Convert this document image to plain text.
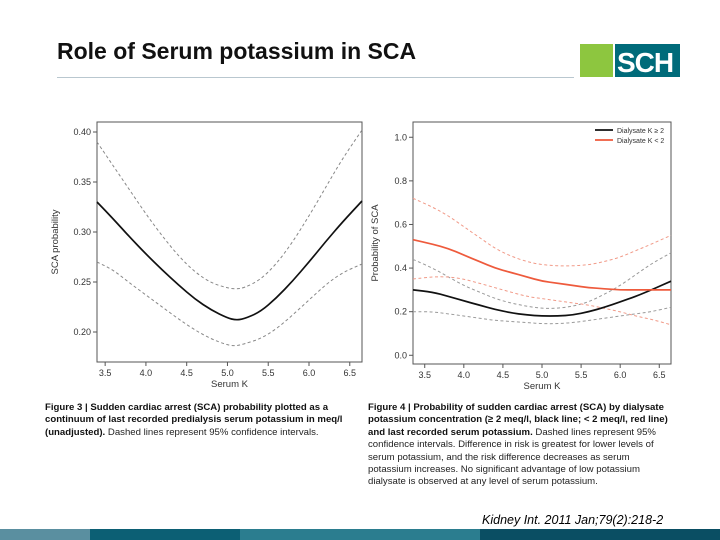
Role of Serum potassium in SCA	SCH
3.5	4.0	4.5	5.0	5.5	6.0	6.5
0.20
0.25
0.30
0.35
0.40
Serum K
SCA probability
Figure 3 | Sudden cardiac arrest (SCA) probability plotted as a continuum of last recorded predialysis serum potassium in meq/l (unadjusted). Dashed lines represent 95% confidence intervals.
3.5	4.0	4.5	5.0	5.5	6.0	6.5
0.0
0.2
0.4
0.6
0.8
1.0
Serum K
Probability of SCA
Dialysate K ≥ 2
Dialysate K < 2
Figure 4 | Probability of sudden cardiac arrest (SCA) by dialysate potassium concentration (≥ 2 meq/l, black line; < 2 meq/l, red line) and last recorded serum potassium. Dashed lines represent 95% confidence intervals. Difference in risk is greatest for lower levels of serum potassium, and the risk difference decreases as serum potassium increases. No significant advantage of low potassium dialysate is observed at any level of serum potassium.
Kidney Int. 2011 Jan;79(2):218-2
